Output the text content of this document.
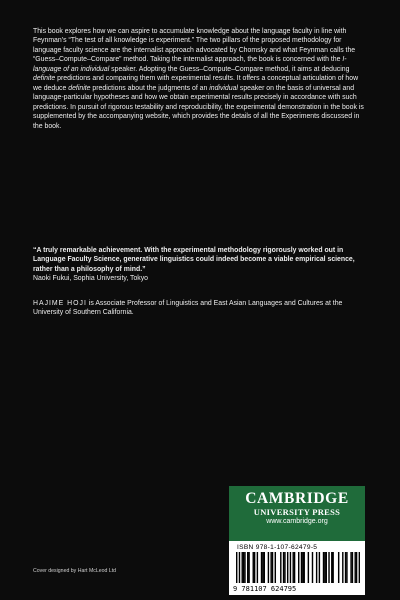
This book explores how we can aspire to accumulate knowledge about the language faculty in line with Feynman’s “The test of all knowledge is experiment.” The two pillars of the proposed methodology for language faculty science are the internalist approach advocated by Chomsky and what Feynman calls the “Guess–Compute–Compare” method. Taking the internalist approach, the book is concerned with the I-language of an individual speaker. Adopting the Guess–Compute–Compare method, it aims at deducing definite predictions and comparing them with experimental results. It offers a conceptual articulation of how we deduce definite predictions about the judgments of an individual speaker on the basis of universal and language-particular hypotheses and how we obtain experimental results precisely in accordance with such predictions. In pursuit of rigorous testability and reproducibility, the experimental demonstration in the book is supplemented by the accompanying website, which provides the details of all the Experiments discussed in the book.

“A truly remarkable achievement. With the experimental methodology rigorously worked out in Language Faculty Science, generative linguistics could indeed become a viable empirical science, rather than a philosophy of mind.”
Naoki Fukui, Sophia University, Tokyo

HAJIME HOJI is Associate Professor of Linguistics and East Asian Languages and Cultures at the University of Southern California.

CAMBRIDGE
UNIVERSITY PRESS
www.cambridge.org
ISBN 978-1-107-62479-5
9 781107 624795
Cover designed by Hart McLeod Ltd
